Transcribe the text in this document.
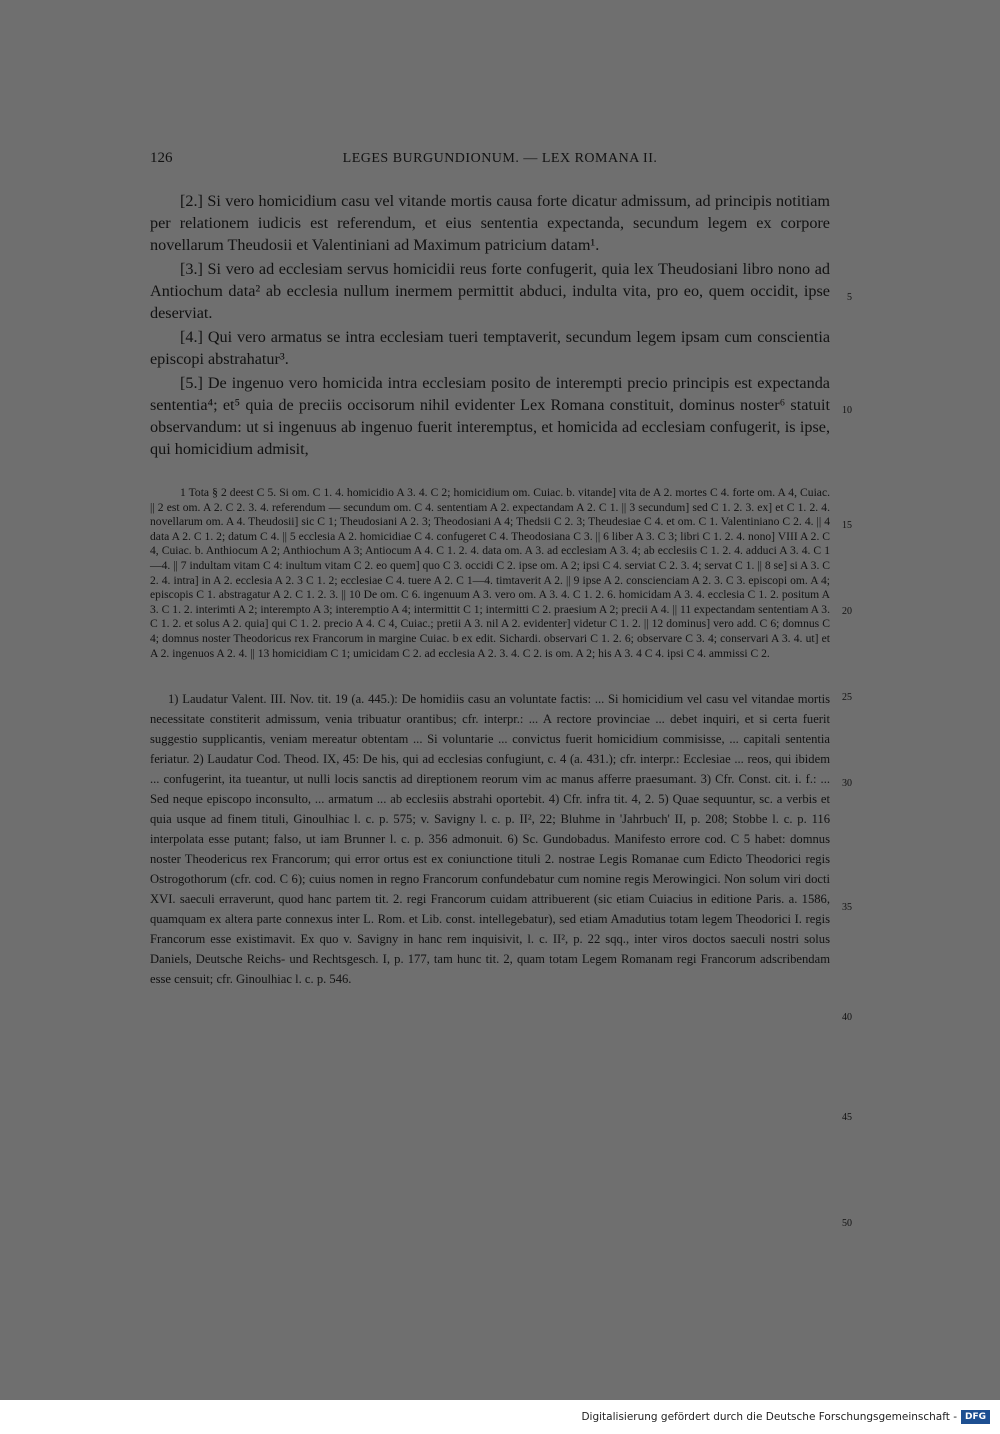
126	LEGES BURGUNDIONUM. — LEX ROMANA II.

[2.] Si vero homicidium casu vel vitande mortis causa forte dicatur admissum, ad principis notitiam per relationem iudicis est referendum, et eius sententia expectanda, secundum legem ex corpore novellarum Theudosii et Valentiniani ad Maximum patricium datam¹.

[3.] Si vero ad ecclesiam servus homicidii reus forte confugerit, quia lex Theudosiani libro nono ad Antiochum data² ab ecclesia nullum inermem permittit abduci, indulta vita, pro eo, quem occidit, ipse deserviat.

[4.] Qui vero armatus se intra ecclesiam tueri temptaverit, secundum legem ipsam cum conscientia episcopi abstrahatur³.

[5.] De ingenuo vero homicida intra ecclesiam posito de interempti precio principis est expectanda sententia⁴; et⁵ quia de preciis occisorum nihil evidenter Lex Romana constituit, dominus noster⁶ statuit observandum: ut si ingenuus ab ingenuo fuerit interemptus, et homicida ad ecclesiam confugerit, is ipse, qui homicidium admisit,

1 Tota § 2 deest C 5. Si om. C 1. 4. homicidio A 3. 4. C 2; homicidium om. Cuiac. b. vitande] vita de A 2. mortes C 4. forte om. A 4, Cuiac. || 2 est om. A 2. C 2. 3. 4. referendum — secundum om. C 4. sententiam A 2. expectandam A 2. C 1. || 3 secundum] sed C 1. 2. 3. ex] et C 1. 2. 4. novellarum om. A 4. Theudosii] sic C 1; Theudosiani A 2. 3; Theodosiani A 4; Thedsii C 2. 3; Theudesiae C 4. et om. C 1. Valentiniano C 2. 4. || 4 data A 2. C 1. 2; datum C 4. || 5 ecclesia A 2. homicidiae C 4. confugeret C 4. Theodosiana C 3. || 6 liber A 3. C 3; libri C 1. 2. 4. nono] VIII A 2. C 4, Cuiac. b. Anthiocum A 2; Anthiochum A 3; Antiocum A 4. C 1. 2. 4. data om. A 3. ad ecclesiam A 3. 4; ab ecclesiis C 1. 2. 4. adduci A 3. 4. C 1—4. || 7 indultam vitam C 4: inultum vitam C 2. eo quem] quo C 3. occidi C 2. ipse om. A 2; ipsi C 4. serviat C 2. 3. 4; servat C 1. || 8 se] si A 3. C 2. 4. intra] in A 2. ecclesia A 2. 3 C 1. 2; ecclesiae C 4. tuere A 2. C 1—4. timtaverit A 2. || 9 ipse A 2. conscienciam A 2. 3. C 3. episcopi om. A 4; episcopis C 1. abstragatur A 2. C 1. 2. 3. || 10 De om. C 6. ingenuum A 3. vero om. A 3. 4. C 1. 2. 6. homicidam A 3. 4. ecclesia C 1. 2. positum A 3. C 1. 2. interimti A 2; interempto A 3; interemptio A 4; intermittit C 1; intermitti C 2. praesium A 2; precii A 4. || 11 expectandam sententiam A 3. C 1. 2. et solus A 2. quia] qui C 1. 2. precio A 4. C 4, Cuiac.; pretii A 3. nil A 2. evidenter] videtur C 1. 2. || 12 dominus] vero add. C 6; domnus C 4; domnus noster Theodoricus rex Francorum in margine Cuiac. b ex edit. Sichardi. observari C 1. 2. 6; observare C 3. 4; conservari A 3. 4. ut] et A 2. ingenuos A 2. 4. || 13 homicidiam C 1; umicidam C 2. ad ecclesia A 2. 3. 4. C 2. is om. A 2; his A 3. 4 C 4. ipsi C 4. ammissi C 2.

1) Laudatur Valent. III. Nov. tit. 19 (a. 445.): De homidiis casu an voluntate factis: ... Si homicidium vel casu vel vitandae mortis necessitate constiterit admissum, venia tribuatur orantibus; cfr. interpr.: ... A rectore provinciae ... debet inquiri, et si certa fuerit suggestio supplicantis, veniam mereatur obtentam ... Si voluntarie ... convictus fuerit homicidium commisisse, ... capitali sententia feriatur. 2) Laudatur Cod. Theod. IX, 45: De his, qui ad ecclesias confugiunt, c. 4 (a. 431.); cfr. interpr.: Ecclesiae ... reos, qui ibidem ... confugerint, ita tueantur, ut nulli locis sanctis ad direptionem reorum vim ac manus afferre praesumant. 3) Cfr. Const. cit. i. f.: ... Sed neque episcopo inconsulto, ... armatum ... ab ecclesiis abstrahi oportebit. 4) Cfr. infra tit. 4, 2. 5) Quae sequuntur, sc. a verbis et quia usque ad finem tituli, Ginoulhiac l. c. p. 575; v. Savigny l. c. p. II², 22; Bluhme in 'Jahrbuch' II, p. 208; Stobbe l. c. p. 116 interpolata esse putant; falso, ut iam Brunner l. c. p. 356 admonuit. 6) Sc. Gundobadus. Manifesto errore cod. C 5 habet: domnus noster Theodericus rex Francorum; qui error ortus est ex coniunctione tituli 2. nostrae Legis Romanae cum Edicto Theodorici regis Ostrogothorum (cfr. cod. C 6); cuius nomen in regno Francorum confundebatur cum nomine regis Merowingici. Non solum viri docti XVI. saeculi erraverunt, quod hanc partem tit. 2. regi Francorum cuidam attribuerent (sic etiam Cuiacius in editione Paris. a. 1586, quamquam ex altera parte connexus inter L. Rom. et Lib. const. intellegebatur), sed etiam Amadutius totam legem Theodorici I. regis Francorum esse existimavit. Ex quo v. Savigny in hanc rem inquisivit, l. c. II², p. 22 sqq., inter viros doctos saeculi nostri solus Daniels, Deutsche Reichs- und Rechtsgesch. I, p. 177, tam hunc tit. 2, quam totam Legem Romanam regi Francorum adscribendam esse censuit; cfr. Ginoulhiac l. c. p. 546.

5
10
15
20
25
30
35
40
45
50
Digitalisierung gefördert durch die Deutsche Forschungsgemeinschaft - DFG
